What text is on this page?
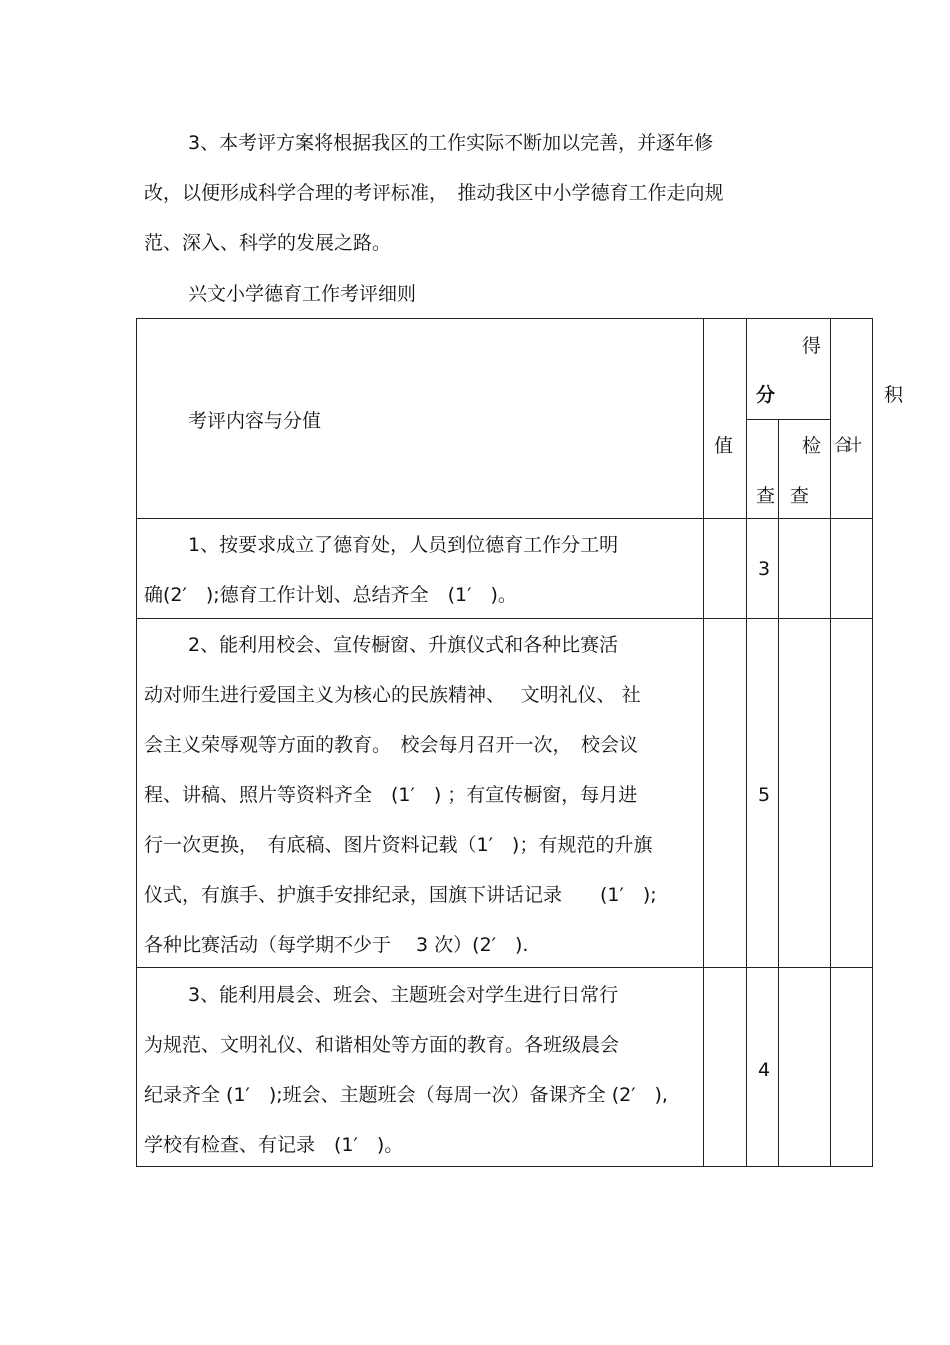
3、本考评方案将根据我区的工作实际不断加以完善，并逐年修
改，以便形成科学合理的考评标准，　推动我区中小学德育工作走向规
范、深入、科学的发展之路。
兴文小学德育工作考评细则
积
考评内容与分值
值
得
分
查
检
查
合计
1、按要求成立了德育处，人员到位德育工作分工明
确(2′　);德育工作计划、总结齐全　(1′　)。
3
2、能利用校会、宣传橱窗、升旗仪式和各种比赛活
动对师生进行爱国主义为核心的民族精神、　 文明礼仪、 社
会主义荣辱观等方面的教育。　校会每月召开一次，　校会议
程、讲稿、照片等资料齐全　(1′　) ；有宣传橱窗，每月进
行一次更换，　有底稿、图片资料记载（1′　)；有规范的升旗
仪式，有旗手、护旗手安排纪录，国旗下讲话记录　　(1′　);
各种比赛活动（每学期不少于　 3 次）(2′　).
5
3、能利用晨会、班会、主题班会对学生进行日常行
为规范、文明礼仪、和谐相处等方面的教育。各班级晨会
纪录齐全 (1′　);班会、主题班会（每周一次）备课齐全 (2′　),
学校有检查、有记录　(1′　)。
4
